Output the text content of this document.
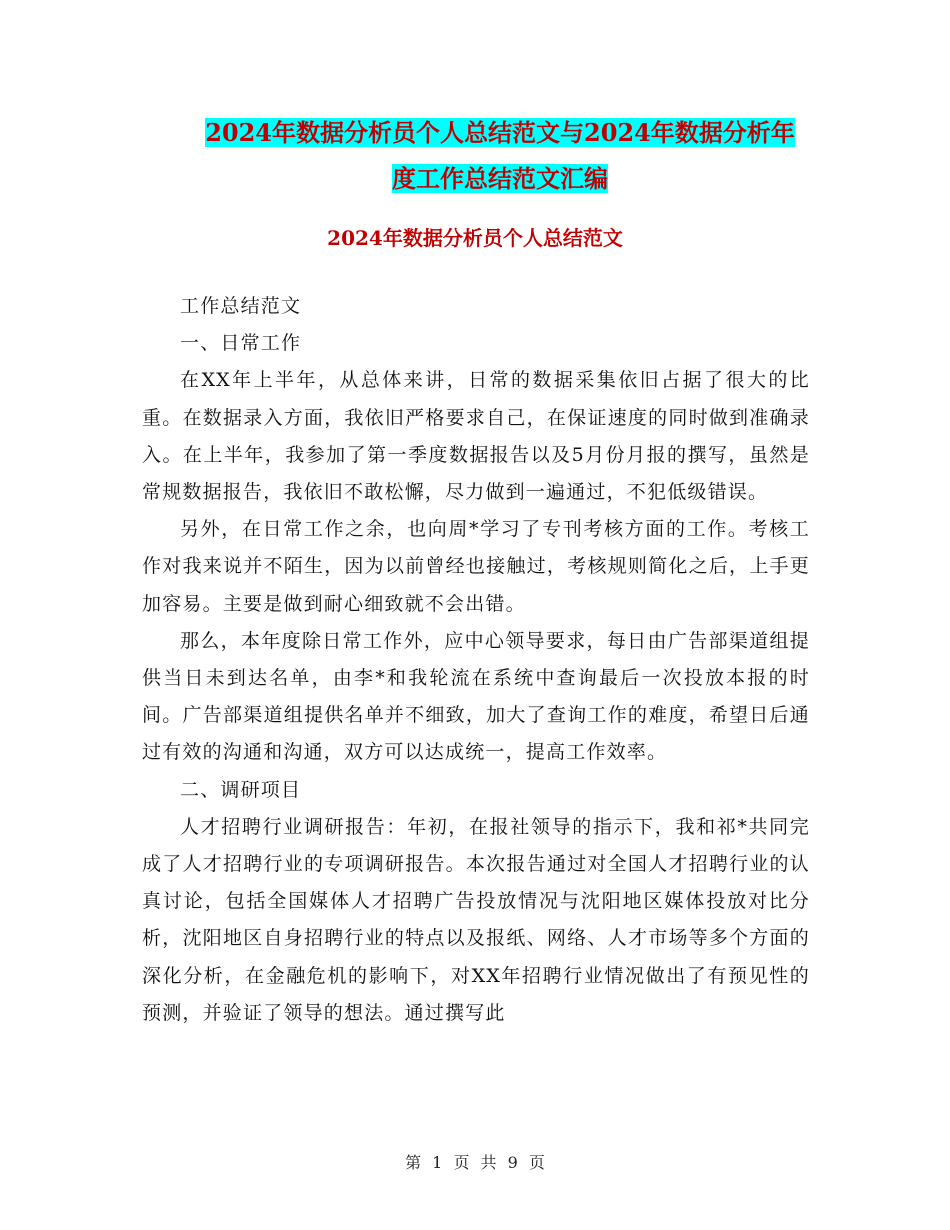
2024年数据分析员个人总结范文与2024年数据分析年
度工作总结范文汇编
2024年数据分析员个人总结范文

工作总结范文

一、日常工作

在XX年上半年，从总体来讲，日常的数据采集依旧占据了很大的比重。在数据录入方面，我依旧严格要求自己，在保证速度的同时做到准确录入。在上半年，我参加了第一季度数据报告以及5月份月报的撰写，虽然是常规数据报告，我依旧不敢松懈，尽力做到一遍通过，不犯低级错误。

另外，在日常工作之余，也向周*学习了专刊考核方面的工作。考核工作对我来说并不陌生，因为以前曾经也接触过，考核规则简化之后，上手更加容易。主要是做到耐心细致就不会出错。

那么，本年度除日常工作外，应中心领导要求，每日由广告部渠道组提供当日未到达名单，由李*和我轮流在系统中查询最后一次投放本报的时间。广告部渠道组提供名单并不细致，加大了查询工作的难度，希望日后通过有效的沟通和沟通，双方可以达成统一，提高工作效率。

二、调研项目

人才招聘行业调研报告：年初，在报社领导的指示下，我和祁*共同完成了人才招聘行业的专项调研报告。本次报告通过对全国人才招聘行业的认真讨论，包括全国媒体人才招聘广告投放情况与沈阳地区媒体投放对比分析，沈阳地区自身招聘行业的特点以及报纸、网络、人才市场等多个方面的深化分析，在金融危机的影响下，对XX年招聘行业情况做出了有预见性的预测，并验证了领导的想法。通过撰写此

第 1 页 共 9 页
